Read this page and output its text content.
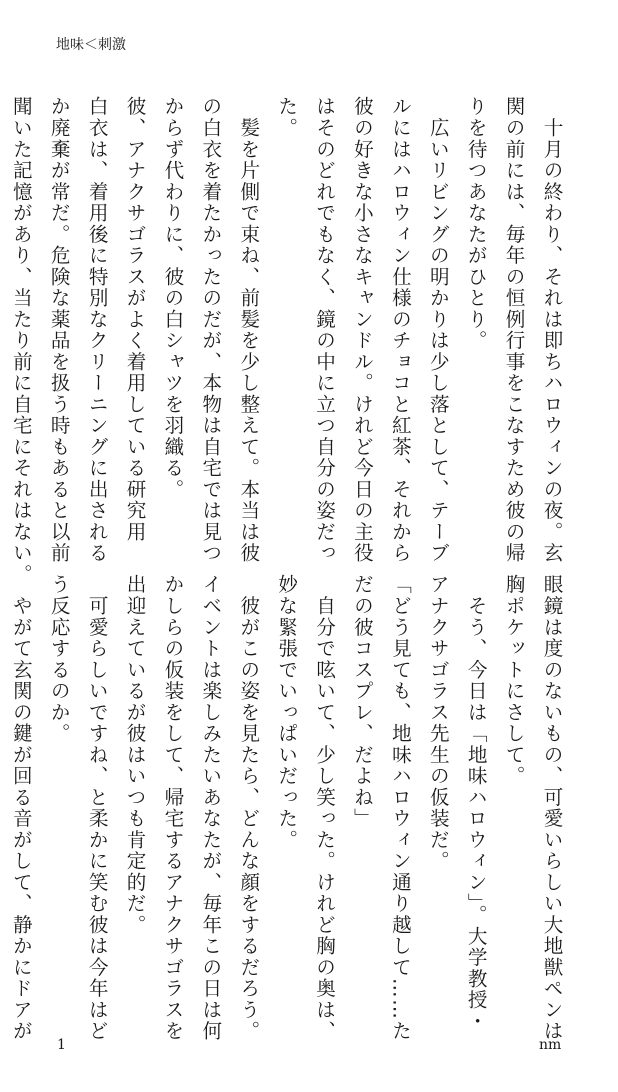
地味＜刺激
　十月の終わり、それは即ちハロウィンの夜。玄
関の前には、毎年の恒例行事をこなすため彼の帰
りを待つあなたがひとり。
　広いリビングの明かりは少し落として、テーブ
ルにはハロウィン仕様のチョコと紅茶、それから
彼の好きな小さなキャンドル。けれど今日の主役
はそのどれでもなく、鏡の中に立つ自分の姿だっ
た。
　髪を片側で束ね、前髪を少し整えて。本当は彼
の白衣を着たかったのだが、本物は自宅では見つ
からず代わりに、彼の白シャツを羽織る。
彼、アナクサゴラスがよく着用している研究用
白衣は、着用後に特別なクリーニングに出される
か廃棄が常だ。危険な薬品を扱う時もあると以前
聞いた記憶があり、当たり前に自宅にそれはない。
眼鏡は度のないもの、可愛いらしい大地獣ペンは
胸ポケットにさして。
　そう、今日は「地味ハロウィン」。大学教授・
アナクサゴラス先生の仮装だ。
「どう見ても、地味ハロウィン通り越して……た
だの彼コスプレ、だよね」
　自分で呟いて、少し笑った。けれど胸の奥は、
妙な緊張でいっぱいだった。
　彼がこの姿を見たら、どんな顔をするだろう。
イベントは楽しみたいあなたが、毎年この日は何
かしらの仮装をして、帰宅するアナクサゴラスを
出迎えているが彼はいつも肯定的だ。
　可愛らしいですね、と柔かに笑む彼は今年はど
う反応するのか。
　やがて玄関の鍵が回る音がして、静かにドアが
1	nm
